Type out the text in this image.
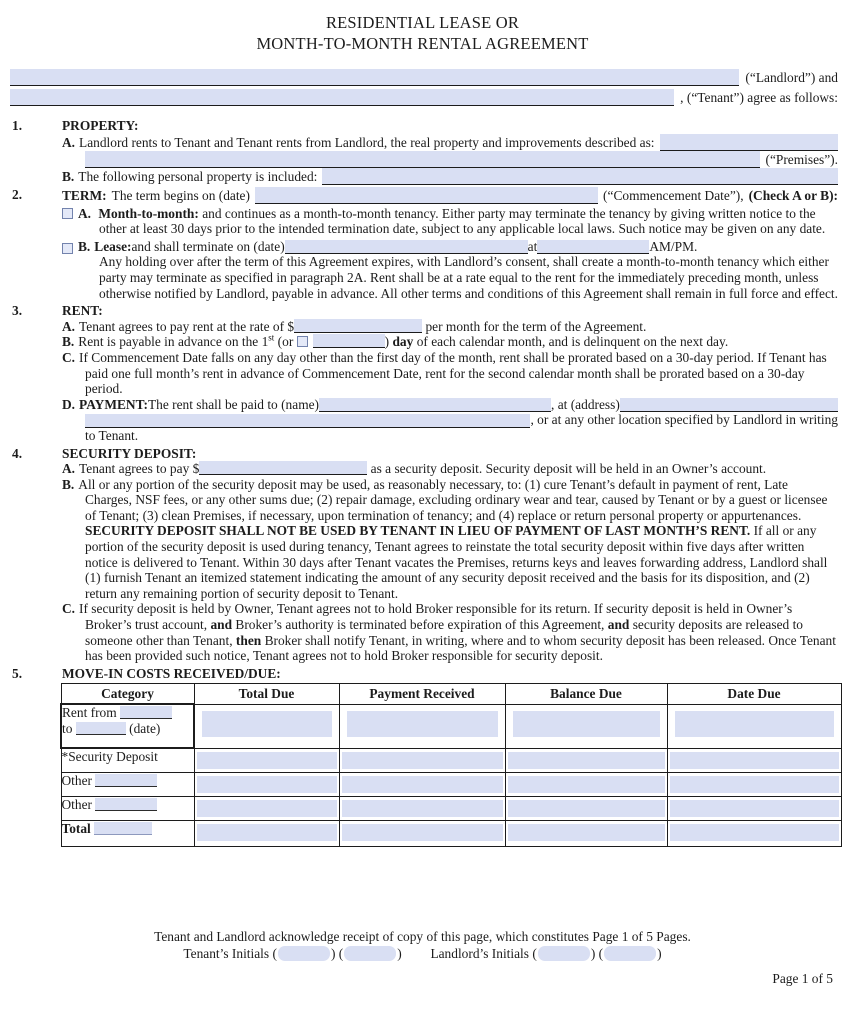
RESIDENTIAL LEASE OR
MONTH-TO-MONTH RENTAL AGREEMENT
(“Landlord”) and
, (“Tenant”) agree as follows:
1.	PROPERTY:
A. Landlord rents to Tenant and Tenant rents from Landlord, the real property and improvements described as:
(“Premises”).
B. The following personal property is included:
2.	TERM: The term begins on (date)	(“Commencement Date”), (Check A or B):
A. Month-to-month: and continues as a month-to-month tenancy. Either party may terminate the tenancy by giving written notice to the other at least 30 days prior to the intended termination date, subject to any applicable local laws. Such notice may be given on any date.
B. Lease: and shall terminate on (date)	at	AM/PM.
Any holding over after the term of this Agreement expires, with Landlord’s consent, shall create a month-to-month tenancy which either party may terminate as specified in paragraph 2A. Rent shall be at a rate equal to the rent for the immediately preceding month, unless otherwise notified by Landlord, payable in advance. All other terms and conditions of this Agreement shall remain in full force and effect.
3.	RENT:
A. Tenant agrees to pay rent at the rate of $	per month for the term of the Agreement.
B. Rent is payable in advance on the 1st (or	) day of each calendar month, and is delinquent on the next day.
C. If Commencement Date falls on any day other than the first day of the month, rent shall be prorated based on a 30-day period. If Tenant has paid one full month’s rent in advance of Commencement Date, rent for the second calendar month shall be prorated based on a 30-day period.
D. PAYMENT: The rent shall be paid to (name)	, at (address)
, or at any other location specified by Landlord in writing
to Tenant.
4.	SECURITY DEPOSIT:
A. Tenant agrees to pay $	as a security deposit. Security deposit will be held in an Owner’s account.
B. All or any portion of the security deposit may be used, as reasonably necessary, to: (1) cure Tenant’s default in payment of rent, Late Charges, NSF fees, or any other sums due; (2) repair damage, excluding ordinary wear and tear, caused by Tenant or by a guest or licensee of Tenant; (3) clean Premises, if necessary, upon termination of tenancy; and (4) replace or return personal property or appurtenances. SECURITY DEPOSIT SHALL NOT BE USED BY TENANT IN LIEU OF PAYMENT OF LAST MONTH’S RENT. If all or any portion of the security deposit is used during tenancy, Tenant agrees to reinstate the total security deposit within five days after written notice is delivered to Tenant. Within 30 days after Tenant vacates the Premises, returns keys and leaves forwarding address, Landlord shall (1) furnish Tenant an itemized statement indicating the amount of any security deposit received and the basis for its disposition, and (2) return any remaining portion of security deposit to Tenant.
C. If security deposit is held by Owner, Tenant agrees not to hold Broker responsible for its return. If security deposit is held in Owner’s Broker’s trust account, and Broker’s authority is terminated before expiration of this Agreement, and security deposits are released to someone other than Tenant, then Broker shall notify Tenant, in writing, where and to whom security deposit has been released. Once Tenant has been provided such notice, Tenant agrees not to hold Broker responsible for security deposit.
5.	MOVE-IN COSTS RECEIVED/DUE:
Category	Total Due	Payment Received	Balance Due	Date Due

Rent from
to (date)				

*Security Deposit	

Other	

Other	

Total	

Tenant and Landlord acknowledge receipt of copy of this page, which constitutes Page 1 of 5 Pages.
Tenant’s Initials (	) (	) Landlord’s Initials (	) (	)
Page 1 of 5
